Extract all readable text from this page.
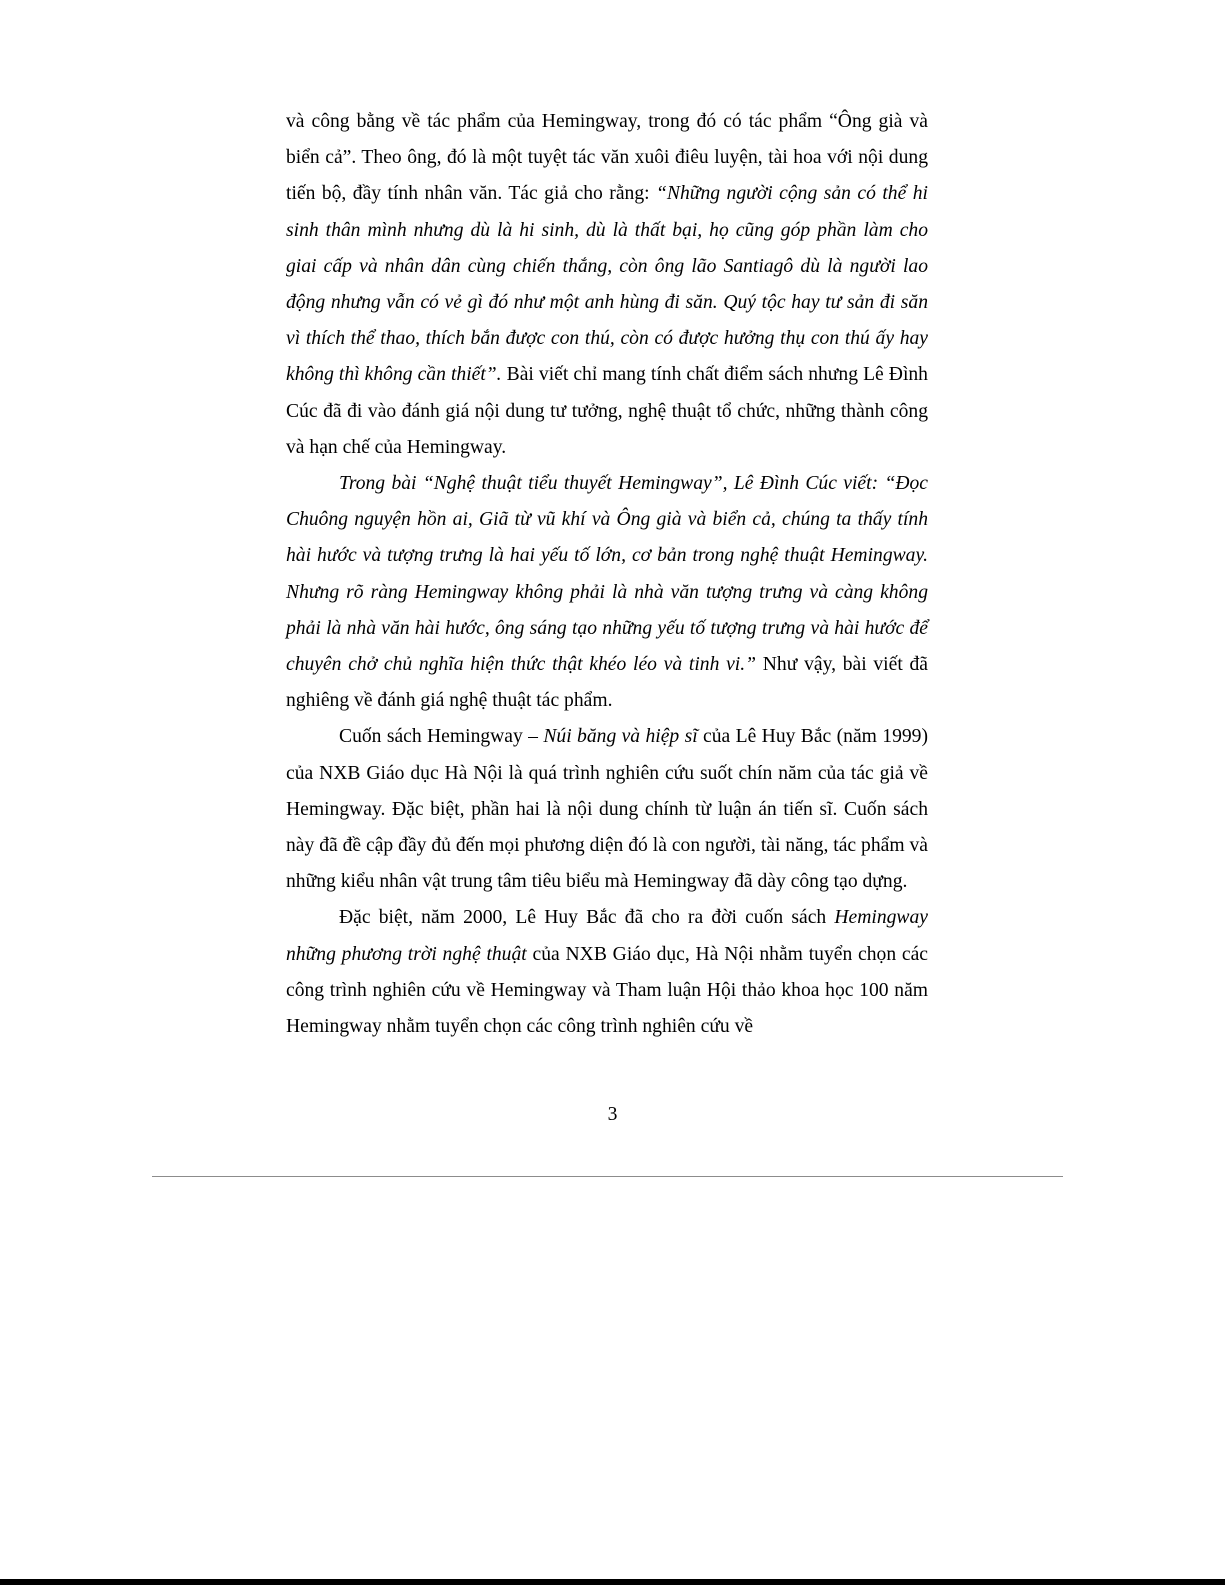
và công bằng về tác phẩm của Hemingway, trong đó có tác phẩm “Ông già và biển cả”. Theo ông, đó là một tuyệt tác văn xuôi điêu luyện, tài hoa với nội dung tiến bộ, đầy tính nhân văn. Tác giả cho rằng: “Những người cộng sản có thể hi sinh thân mình nhưng dù là hi sinh, dù là thất bại, họ cũng góp phần làm cho giai cấp và nhân dân cùng chiến thắng, còn ông lão Santiagô dù là người lao động nhưng vẫn có vẻ gì đó như một anh hùng đi săn. Quý tộc hay tư sản đi săn vì thích thể thao, thích bắn được con thú, còn có được hưởng thụ con thú ấy hay không thì không cần thiết”. Bài viết chỉ mang tính chất điểm sách nhưng Lê Đình Cúc đã đi vào đánh giá nội dung tư tưởng, nghệ thuật tổ chức, những thành công và hạn chế của Hemingway.

Trong bài “Nghệ thuật tiểu thuyết Hemingway”, Lê Đình Cúc viết: “Đọc Chuông nguyện hồn ai, Giã từ vũ khí và Ông già và biển cả, chúng ta thấy tính hài hước và tượng trưng là hai yếu tố lớn, cơ bản trong nghệ thuật Hemingway. Nhưng rõ ràng Hemingway không phải là nhà văn tượng trưng và càng không phải là nhà văn hài hước, ông sáng tạo những yếu tố tượng trưng và hài hước để chuyên chở chủ nghĩa hiện thức thật khéo léo và tinh vi.” Như vậy, bài viết đã nghiêng về đánh giá nghệ thuật tác phẩm.

Cuốn sách Hemingway – Núi băng và hiệp sĩ của Lê Huy Bắc (năm 1999) của NXB Giáo dục Hà Nội là quá trình nghiên cứu suốt chín năm của tác giả về Hemingway. Đặc biệt, phần hai là nội dung chính từ luận án tiến sĩ. Cuốn sách này đã đề cập đầy đủ đến mọi phương diện đó là con người, tài năng, tác phẩm và những kiểu nhân vật trung tâm tiêu biểu mà Hemingway đã dày công tạo dựng.

Đặc biệt, năm 2000, Lê Huy Bắc đã cho ra đời cuốn sách Hemingway những phương trời nghệ thuật của NXB Giáo dục, Hà Nội nhằm tuyển chọn các công trình nghiên cứu về Hemingway và Tham luận Hội thảo khoa học 100 năm Hemingway nhằm tuyển chọn các công trình nghiên cứu về

3
